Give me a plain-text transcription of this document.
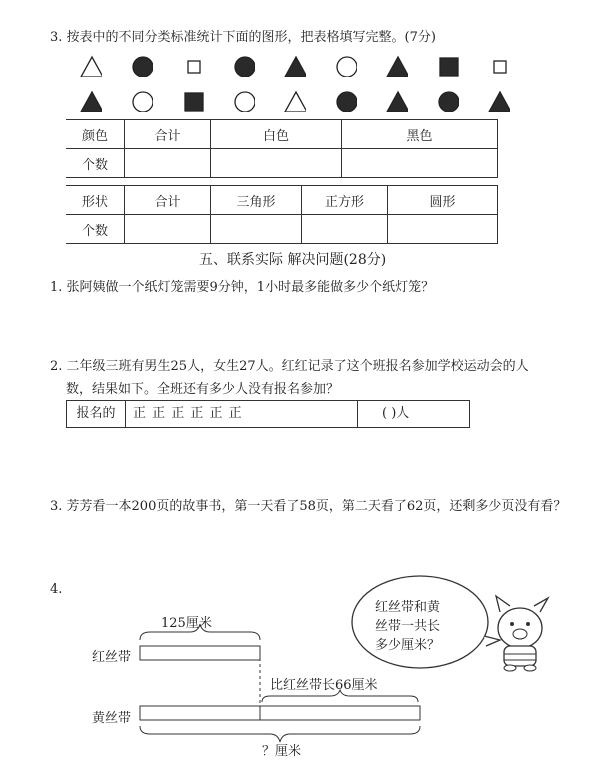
3. 按表中的不同分类标准统计下面的图形，把表格填写完整。(7分)
颜色	合计	白色	黑色
个数			
形状	合计	三角形	正方形	圆形
个数				
五、联系实际 解决问题(28分)
1. 张阿姨做一个纸灯笼需要9分钟，1小时最多能做多少个纸灯笼？
2. 二年级三班有男生25人，女生27人。红红记录了这个班报名参加学校运动会的人
数，结果如下。全班还有多少人没有报名参加？
报名的	正 正 正 正 正 正	( )人
3. 芳芳看一本200页的故事书，第一天看了58页，第二天看了62页，还剩多少页没有看？
4.
125厘米
红丝带
比红丝带长66厘米
黄丝带
？厘米
红丝带和黄
丝带一共长
多少厘米？
